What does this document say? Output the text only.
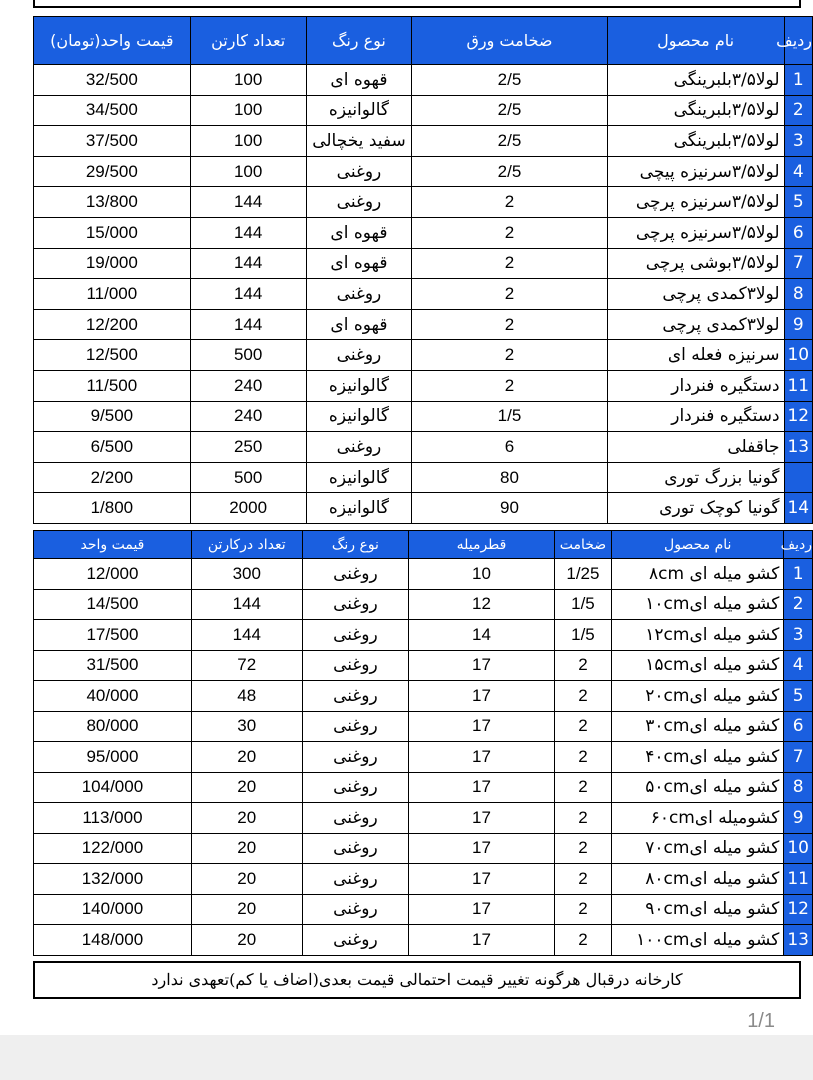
ردیف	نام محصول	ضخامت ورق	نوع رنگ	تعداد کارتن	قیمت واحد(تومان)
1	لولا۳/۵بلبرینگی	2/5	قهوه ای	100	32/500
2	لولا۳/۵بلبرینگی	2/5	گالوانیزه	100	34/500
3	لولا۳/۵بلبرینگی	2/5	سفید یخچالی	100	37/500
4	لولا۳/۵سرنیزه پیچی	2/5	روغنی	100	29/500
5	لولا۳/۵سرنیزه پرچی	2	روغنی	144	13/800
6	لولا۳/۵سرنیزه پرچی	2	قهوه ای	144	15/000
7	لولا۳/۵بوشی پرچی	2	قهوه ای	144	19/000
8	لولا۳کمدی پرچی	2	روغنی	144	11/000
9	لولا۳کمدی پرچی	2	قهوه ای	144	12/200
10	سرنیزه فعله ای	2	روغنی	500	12/500
11	دستگیره فنردار	2	گالوانیزه	240	11/500
12	دستگیره فنردار	1/5	گالوانیزه	240	9/500
13	جاقفلی	6	روغنی	250	6/500
	گونیا بزرگ توری	80	گالوانیزه	500	2/200
14	گونیا کوچک توری	90	گالوانیزه	2000	1/800
ردیف	نام محصول	ضخامت	قطرمیله	نوع رنگ	تعداد درکارتن	قیمت واحد
1	کشو میله ای ۸cm	1/25	10	روغنی	300	12/000
2	کشو میله ای۱۰cm	1/5	12	روغنی	144	14/500
3	کشو میله ای۱۲cm	1/5	14	روغنی	144	17/500
4	کشو میله ای۱۵cm	2	17	روغنی	72	31/500
5	کشو میله ای۲۰cm	2	17	روغنی	48	40/000
6	کشو میله ای۳۰cm	2	17	روغنی	30	80/000
7	کشو میله ای۴۰cm	2	17	روغنی	20	95/000
8	کشو میله ای۵۰cm	2	17	روغنی	20	104/000
9	کشومیله ای۶۰cm	2	17	روغنی	20	113/000
10	کشو میله ای۷۰cm	2	17	روغنی	20	122/000
11	کشو میله ای۸۰cm	2	17	روغنی	20	132/000
12	کشو میله ای۹۰cm	2	17	روغنی	20	140/000
13	کشو میله ای۱۰۰cm	2	17	روغنی	20	148/000
کارخانه درقبال هرگونه تغییر قیمت احتمالی قیمت بعدی(اضاف یا کم)تعهدی ندارد
1/1
